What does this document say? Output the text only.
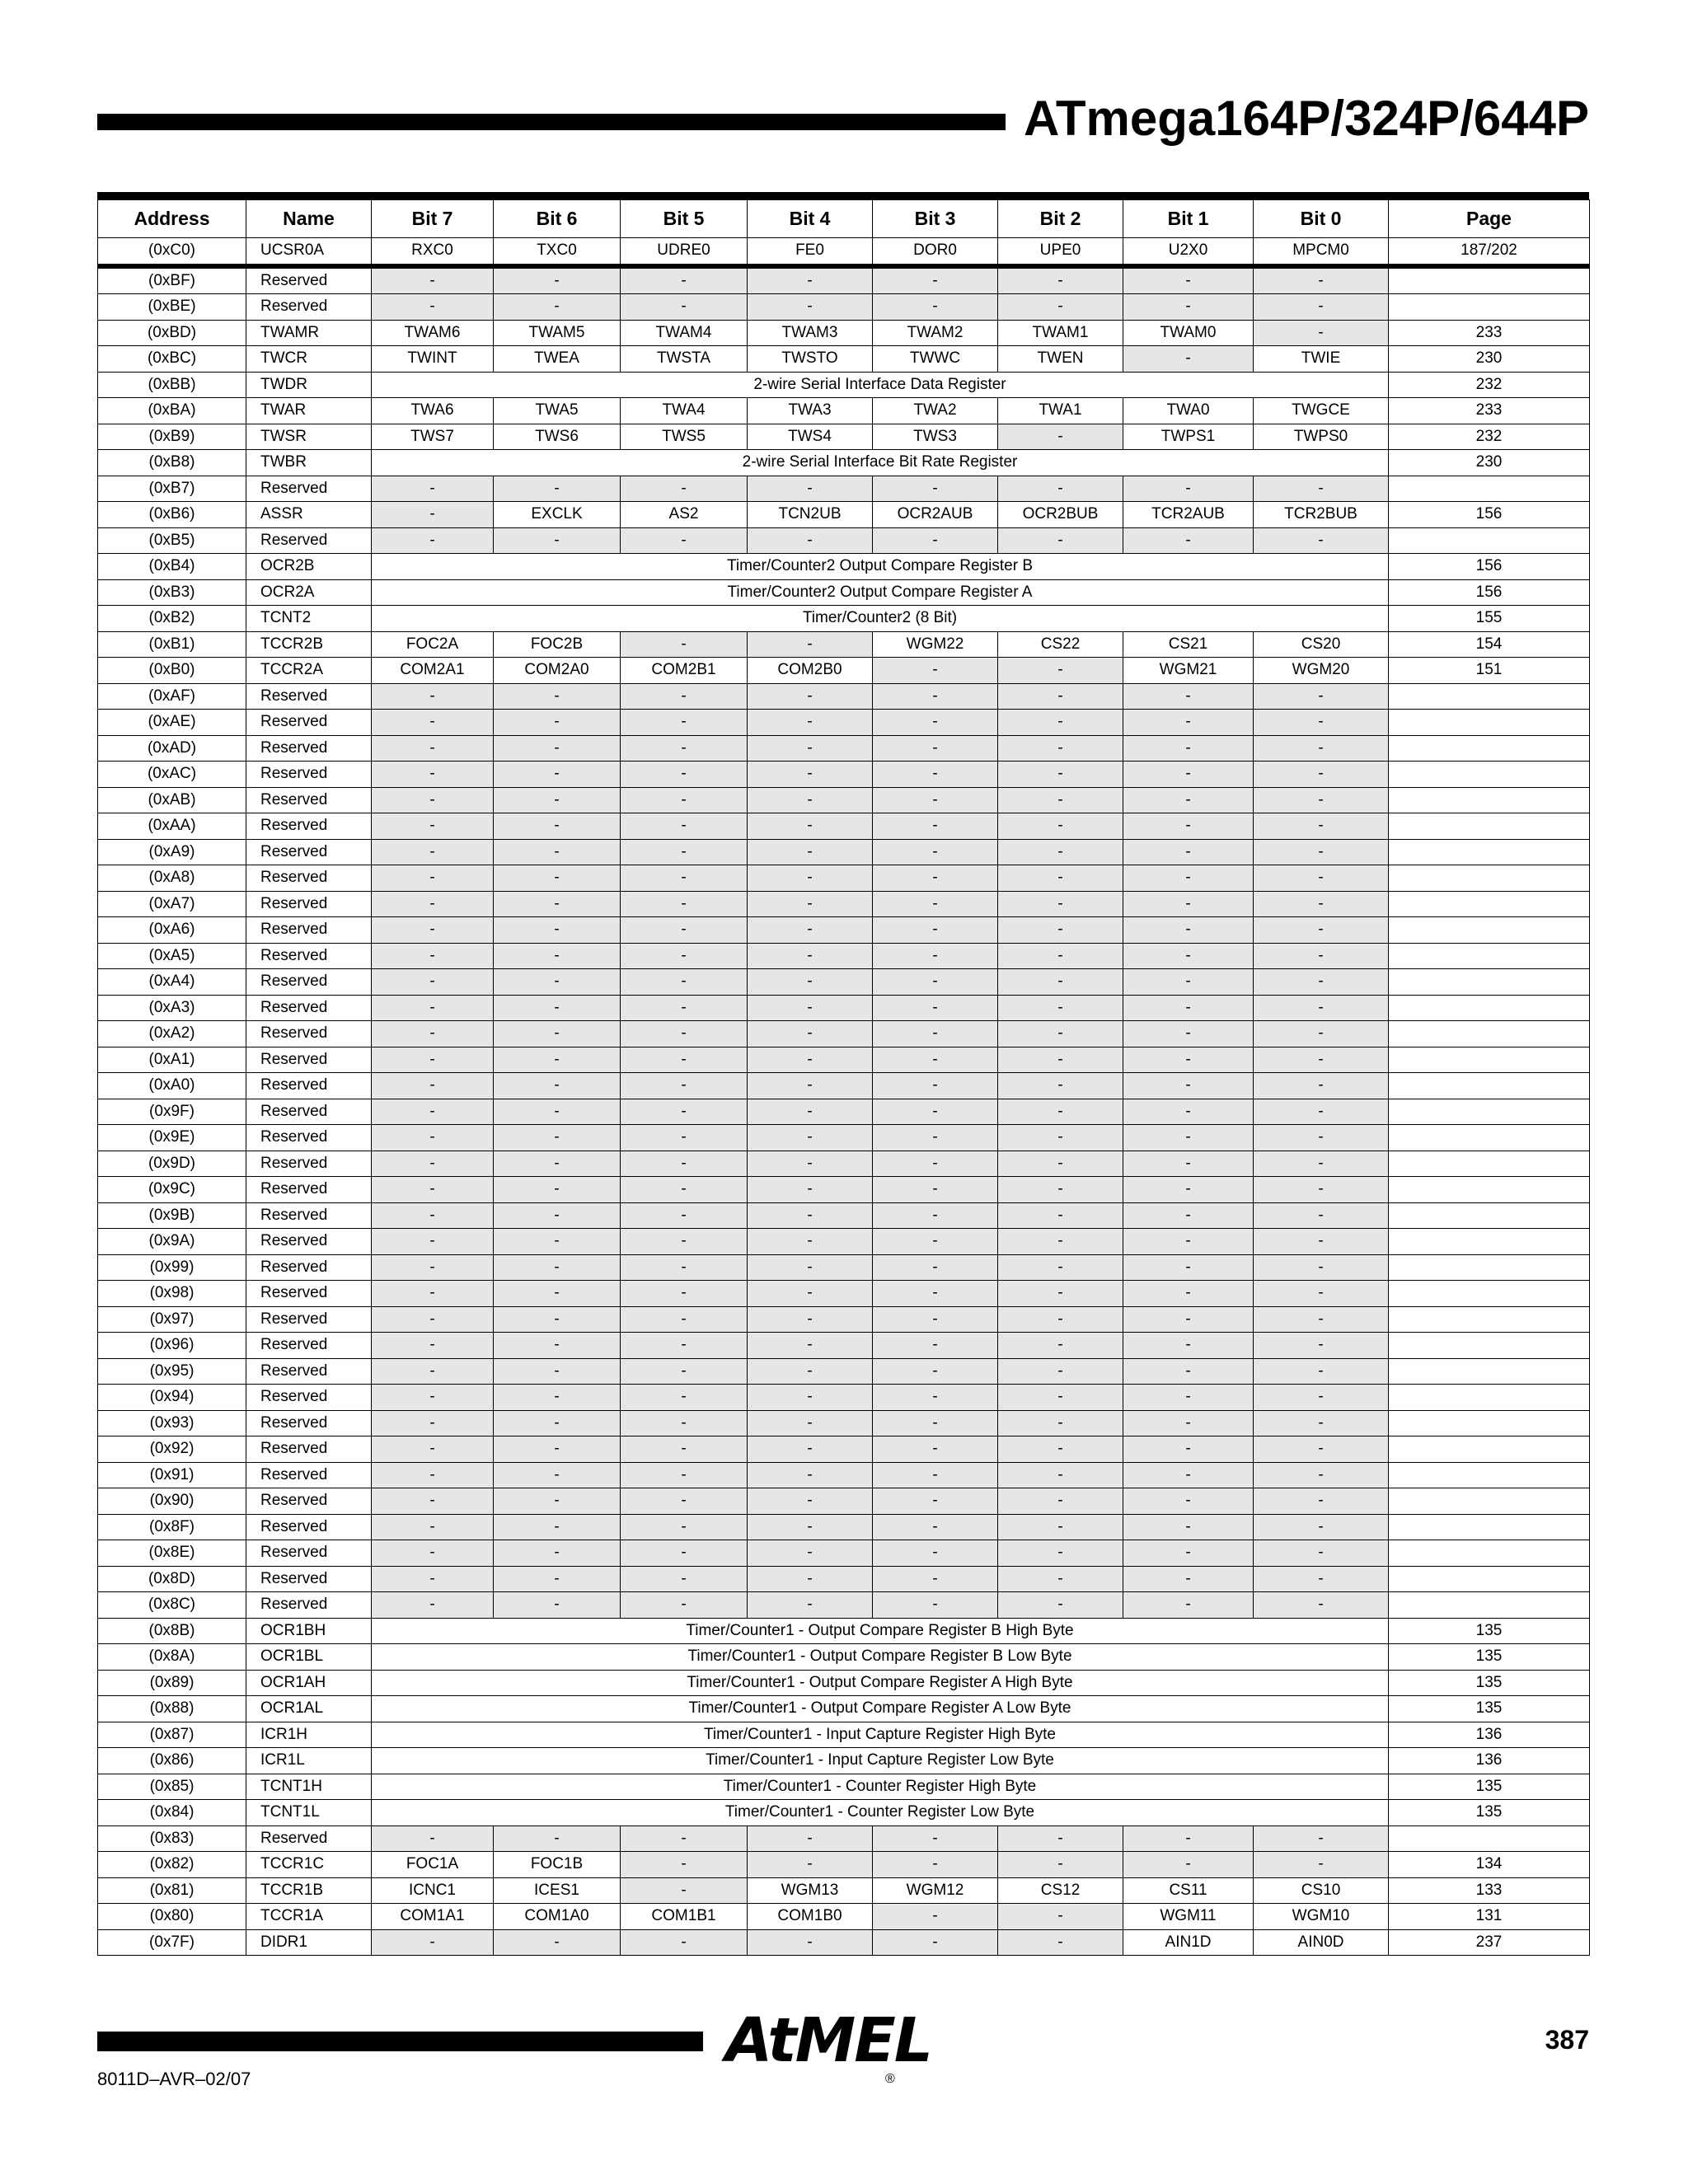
ATmega164P/324P/644P
Address	Name	Bit 7	Bit 6	Bit 5	Bit 4	Bit 3	Bit 2	Bit 1	Bit 0	Page
(0xC0)	UCSR0A	RXC0	TXC0	UDRE0	FE0	DOR0	UPE0	U2X0	MPCM0	187/202
(0xBF)	Reserved	-	-	-	-	-	-	-	-	
(0xBE)	Reserved	-	-	-	-	-	-	-	-	
(0xBD)	TWAMR	TWAM6	TWAM5	TWAM4	TWAM3	TWAM2	TWAM1	TWAM0	-	233
(0xBC)	TWCR	TWINT	TWEA	TWSTA	TWSTO	TWWC	TWEN	-	TWIE	230
(0xBB)	TWDR	2-wire Serial Interface Data Register								232
(0xBA)	TWAR	TWA6	TWA5	TWA4	TWA3	TWA2	TWA1	TWA0	TWGCE	233
(0xB9)	TWSR	TWS7	TWS6	TWS5	TWS4	TWS3	-	TWPS1	TWPS0	232
(0xB8)	TWBR	2-wire Serial Interface Bit Rate Register								230
(0xB7)	Reserved	-	-	-	-	-	-	-	-	
(0xB6)	ASSR	-	EXCLK	AS2	TCN2UB	OCR2AUB	OCR2BUB	TCR2AUB	TCR2BUB	156
(0xB5)	Reserved	-	-	-	-	-	-	-	-	
(0xB4)	OCR2B	Timer/Counter2 Output Compare Register B								156
(0xB3)	OCR2A	Timer/Counter2 Output Compare Register A								156
(0xB2)	TCNT2	Timer/Counter2 (8 Bit)								155
(0xB1)	TCCR2B	FOC2A	FOC2B	-	-	WGM22	CS22	CS21	CS20	154
(0xB0)	TCCR2A	COM2A1	COM2A0	COM2B1	COM2B0	-	-	WGM21	WGM20	151
(0xAF)	Reserved	-	-	-	-	-	-	-	-	
(0xAE)	Reserved	-	-	-	-	-	-	-	-	
(0xAD)	Reserved	-	-	-	-	-	-	-	-	
(0xAC)	Reserved	-	-	-	-	-	-	-	-	
(0xAB)	Reserved	-	-	-	-	-	-	-	-	
(0xAA)	Reserved	-	-	-	-	-	-	-	-	
(0xA9)	Reserved	-	-	-	-	-	-	-	-	
(0xA8)	Reserved	-	-	-	-	-	-	-	-	
(0xA7)	Reserved	-	-	-	-	-	-	-	-	
(0xA6)	Reserved	-	-	-	-	-	-	-	-	
(0xA5)	Reserved	-	-	-	-	-	-	-	-	
(0xA4)	Reserved	-	-	-	-	-	-	-	-	
(0xA3)	Reserved	-	-	-	-	-	-	-	-	
(0xA2)	Reserved	-	-	-	-	-	-	-	-	
(0xA1)	Reserved	-	-	-	-	-	-	-	-	
(0xA0)	Reserved	-	-	-	-	-	-	-	-	
(0x9F)	Reserved	-	-	-	-	-	-	-	-	
(0x9E)	Reserved	-	-	-	-	-	-	-	-	
(0x9D)	Reserved	-	-	-	-	-	-	-	-	
(0x9C)	Reserved	-	-	-	-	-	-	-	-	
(0x9B)	Reserved	-	-	-	-	-	-	-	-	
(0x9A)	Reserved	-	-	-	-	-	-	-	-	
(0x99)	Reserved	-	-	-	-	-	-	-	-	
(0x98)	Reserved	-	-	-	-	-	-	-	-	
(0x97)	Reserved	-	-	-	-	-	-	-	-	
(0x96)	Reserved	-	-	-	-	-	-	-	-	
(0x95)	Reserved	-	-	-	-	-	-	-	-	
(0x94)	Reserved	-	-	-	-	-	-	-	-	
(0x93)	Reserved	-	-	-	-	-	-	-	-	
(0x92)	Reserved	-	-	-	-	-	-	-	-	
(0x91)	Reserved	-	-	-	-	-	-	-	-	
(0x90)	Reserved	-	-	-	-	-	-	-	-	
(0x8F)	Reserved	-	-	-	-	-	-	-	-	
(0x8E)	Reserved	-	-	-	-	-	-	-	-	
(0x8D)	Reserved	-	-	-	-	-	-	-	-	
(0x8C)	Reserved	-	-	-	-	-	-	-	-	
(0x8B)	OCR1BH	Timer/Counter1 - Output Compare Register B High Byte								135
(0x8A)	OCR1BL	Timer/Counter1 - Output Compare Register B Low Byte								135
(0x89)	OCR1AH	Timer/Counter1 - Output Compare Register A High Byte								135
(0x88)	OCR1AL	Timer/Counter1 - Output Compare Register A Low Byte								135
(0x87)	ICR1H	Timer/Counter1 - Input Capture Register High Byte								136
(0x86)	ICR1L	Timer/Counter1 - Input Capture Register Low Byte								136
(0x85)	TCNT1H	Timer/Counter1 - Counter Register High Byte								135
(0x84)	TCNT1L	Timer/Counter1 - Counter Register Low Byte								135
(0x83)	Reserved	-	-	-	-	-	-	-	-	
(0x82)	TCCR1C	FOC1A	FOC1B	-	-	-	-	-	-	134
(0x81)	TCCR1B	ICNC1	ICES1	-	WGM13	WGM12	CS12	CS11	CS10	133
(0x80)	TCCR1A	COM1A1	COM1A0	COM1B1	COM1B0	-	-	WGM11	WGM10	131
(0x7F)	DIDR1	-	-	-	-	-	-	AIN1D	AIN0D	237
AtMEL
®
387
8011D–AVR–02/07
